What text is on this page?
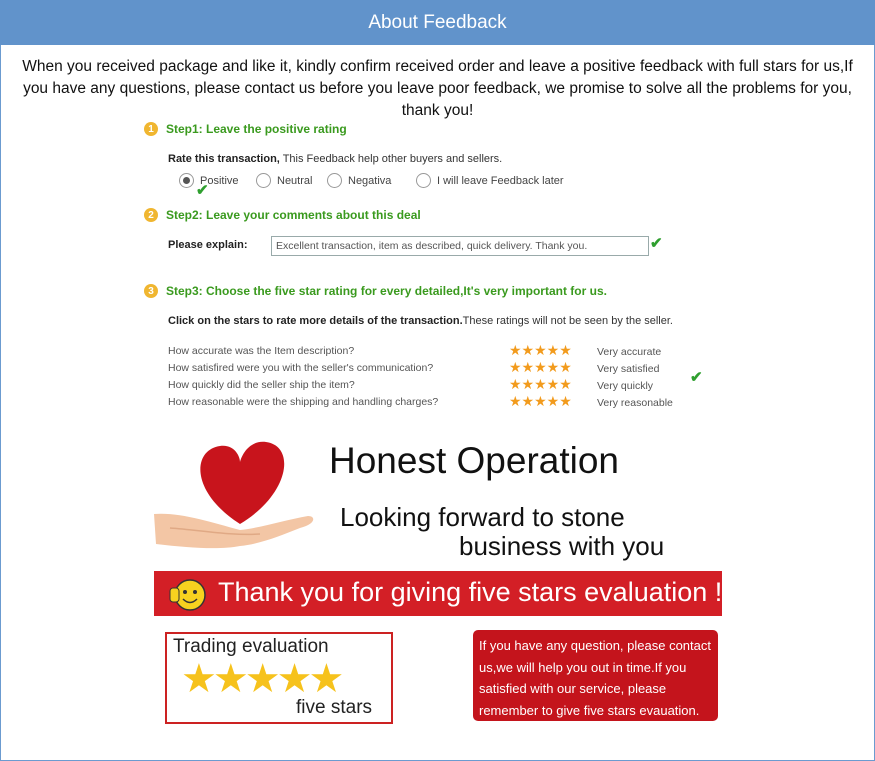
About Feedback
When you received package and like it, kindly confirm received order and leave a positive feedback with full stars for us,If you have any questions, please contact us before you leave poor feedback, we promise to solve all the problems for you, thank you!
1	Step1: Leave the positive rating
Rate this transaction, This Feedback help other buyers and sellers.
Positive	Neutral	Negativa	I will leave Feedback later
✔
2	Step2: Leave your comments about this deal
Please explain:	Excellent transaction, item as described, quick delivery. Thank you.	✔
3	Step3: Choose the five star rating for every detailed,It's very important for us.
Click on the stars to rate more details of the transaction.These ratings will not be seen by the seller.
How accurate was the Item description?	★★★★★ Very accurate
How satisfired were you with the seller's communication?	★★★★★ Very satisfied
How quickly did the seller ship the item?	★★★★★ Very quickly
How reasonable were the shipping and handling charges?	★★★★★ Very reasonable
✔
Honest Operation
Looking forward to stone
business with you
Thank you for giving five stars evaluation !
Trading evaluation
★★★★★
five stars
If you have any question, please contact us,we will help you out in time.If you satisfied with our service, please remember to give five stars evauation.
